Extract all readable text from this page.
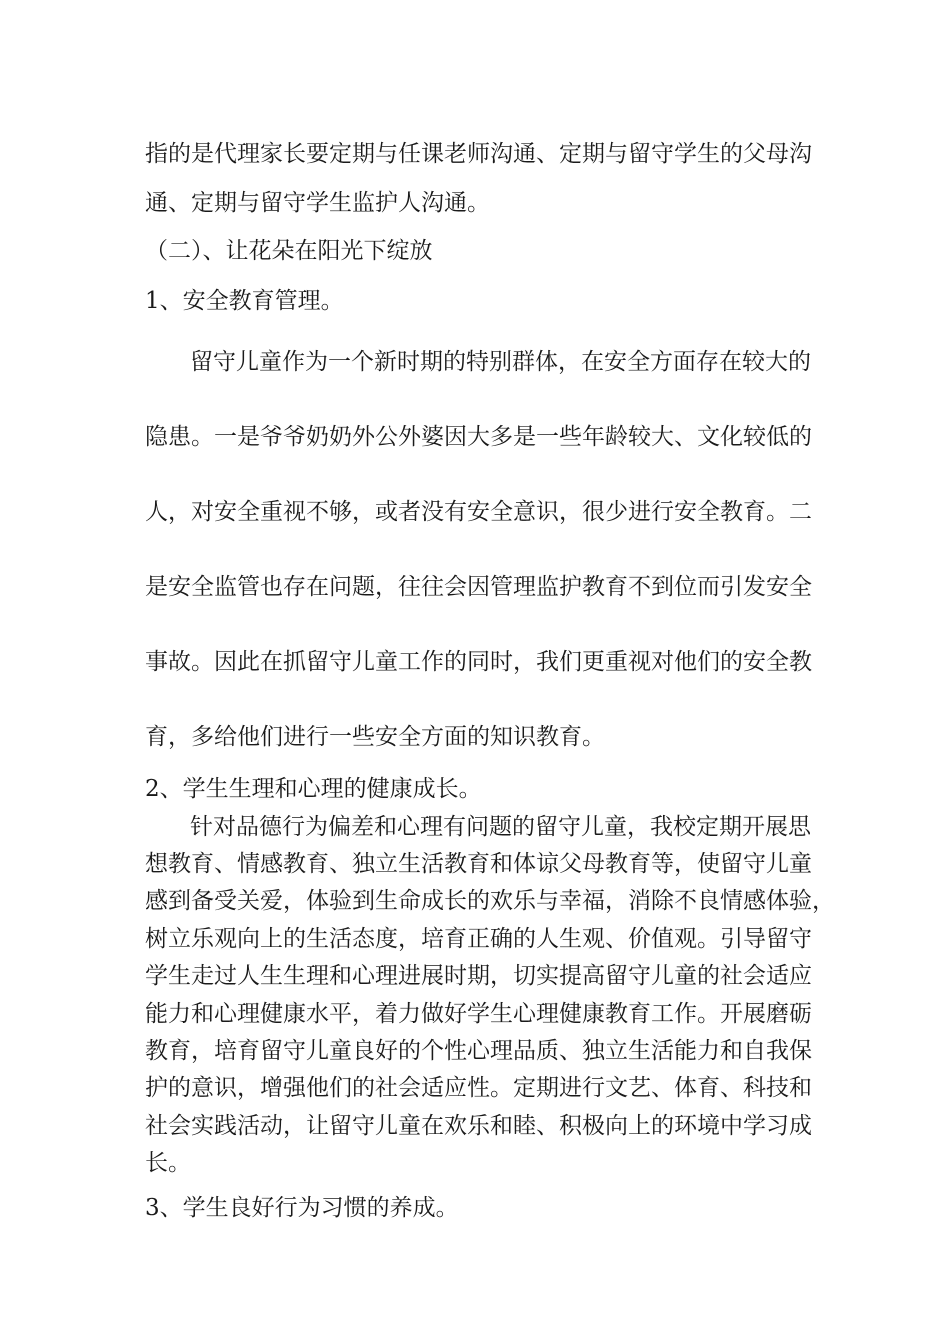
指的是代理家长要定期与任课老师沟通、定期与留守学生的父母沟

通、定期与留守学生监护人沟通。

（二）、让花朵在阳光下绽放

1、安全教育管理。

留守儿童作为一个新时期的特别群体，在安全方面存在较大的

隐患。一是爷爷奶奶外公外婆因大多是一些年龄较大、文化较低的

人，对安全重视不够，或者没有安全意识，很少进行安全教育。二

是安全监管也存在问题，往往会因管理监护教育不到位而引发安全

事故。因此在抓留守儿童工作的同时，我们更重视对他们的安全教

育，多给他们进行一些安全方面的知识教育。

2、学生生理和心理的健康成长。

针对品德行为偏差和心理有问题的留守儿童，我校定期开展思

想教育、情感教育、独立生活教育和体谅父母教育等，使留守儿童

感到备受关爱，体验到生命成长的欢乐与幸福，消除不良情感体验，

树立乐观向上的生活态度，培育正确的人生观、价值观。引导留守

学生走过人生生理和心理进展时期，切实提高留守儿童的社会适应

能力和心理健康水平，着力做好学生心理健康教育工作。开展磨砺

教育，培育留守儿童良好的个性心理品质、独立生活能力和自我保

护的意识，增强他们的社会适应性。定期进行文艺、体育、科技和

社会实践活动，让留守儿童在欢乐和睦、积极向上的环境中学习成

长。

3、学生良好行为习惯的养成。
